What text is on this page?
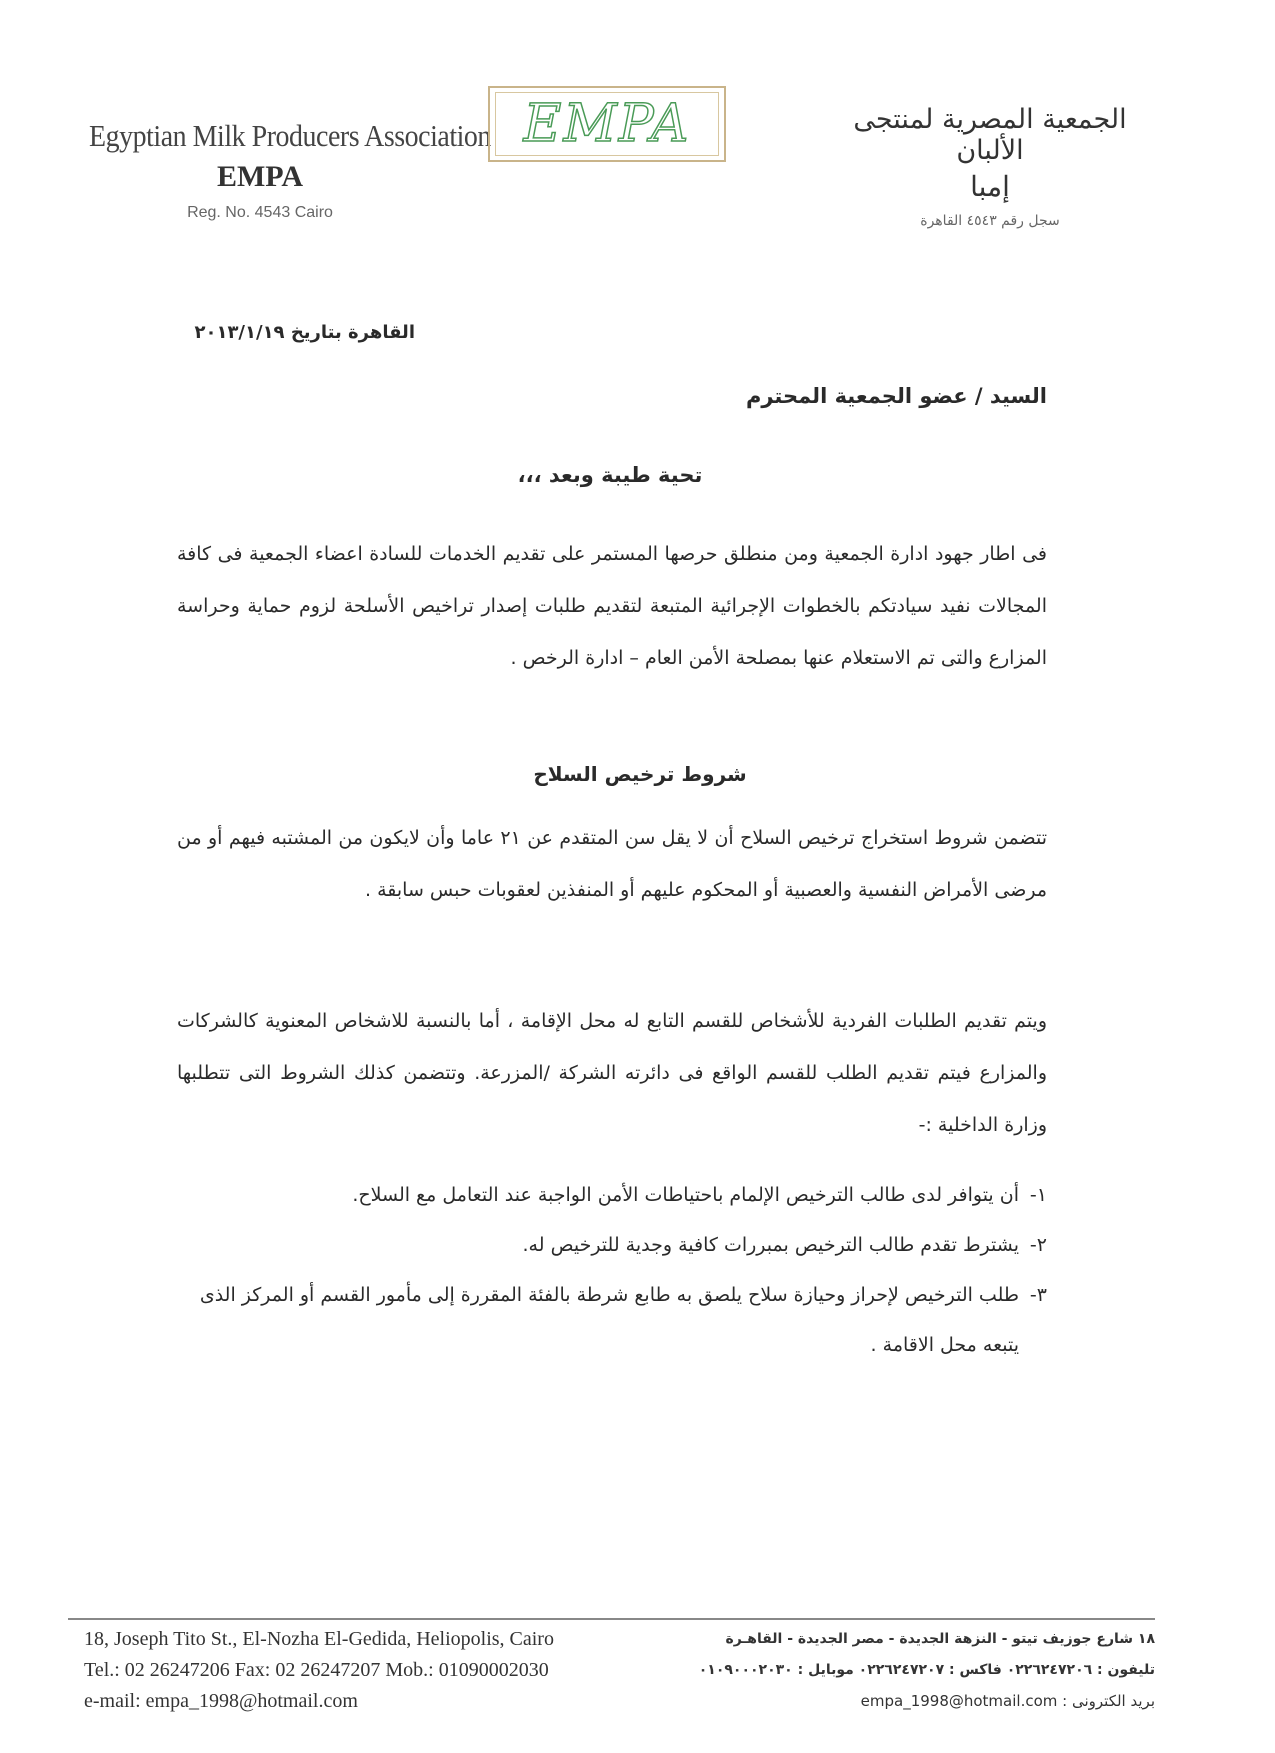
Egyptian Milk Producers Association
EMPA
Reg. No. 4543 Cairo
EMPA	الجمعية المصرية لمنتجى الألبان
إمبا
سجل رقم ٤٥٤٣ القاهرة
القاهرة بتاريخ ٢٠١٣/١/١٩
السيد / عضو الجمعية المحترم
تحية طيبة وبعد ،،،
فى اطار جهود ادارة الجمعية ومن منطلق حرصها المستمر على تقديم الخدمات للسادة اعضاء الجمعية فى كافة المجالات نفيد سيادتكم بالخطوات الإجرائية المتبعة لتقديم طلبات إصدار تراخيص الأسلحة لزوم حماية وحراسة المزارع والتى تم الاستعلام عنها بمصلحة الأمن العام – ادارة الرخص .
شروط ترخيص السلاح
تتضمن شروط استخراج ترخيص السلاح أن لا يقل سن المتقدم عن ٢١ عاما وأن لايكون من المشتبه فيهم أو من مرضى الأمراض النفسية والعصبية أو المحكوم عليهم أو المنفذين لعقوبات حبس سابقة .
ويتم تقديم الطلبات الفردية للأشخاص للقسم التابع له محل الإقامة ، أما بالنسبة للاشخاص المعنوية كالشركات والمزارع فيتم تقديم الطلب للقسم الواقع فى دائرته الشركة /المزرعة. وتتضمن كذلك الشروط التى تتطلبها وزارة الداخلية :-
١-
أن يتوافر لدى طالب الترخيص الإلمام باحتياطات الأمن الواجبة عند التعامل مع السلاح.
٢-
يشترط تقدم طالب الترخيص بمبررات كافية وجدية للترخيص له.
٣-
طلب الترخيص لإحراز وحيازة سلاح يلصق به طابع شرطة بالفئة المقررة إلى مأمور القسم أو المركز الذى يتبعه محل الاقامة .
18, Joseph Tito St., El-Nozha El-Gedida, Heliopolis, Cairo
Tel.: 02 26247206 Fax: 02 26247207 Mob.: 01090002030
e-mail: empa_1998@hotmail.com
١٨ شارع جوزيف تيتو - النزهة الجديدة - مصر الجديدة - القاهـرة
تليفون : ٠٢٢٦٢٤٧٢٠٦ فاكس : ٠٢٢٦٢٤٧٢٠٧ موبايل : ٠١٠٩٠٠٠٢٠٣٠
بريد الكترونى : empa_1998@hotmail.com
